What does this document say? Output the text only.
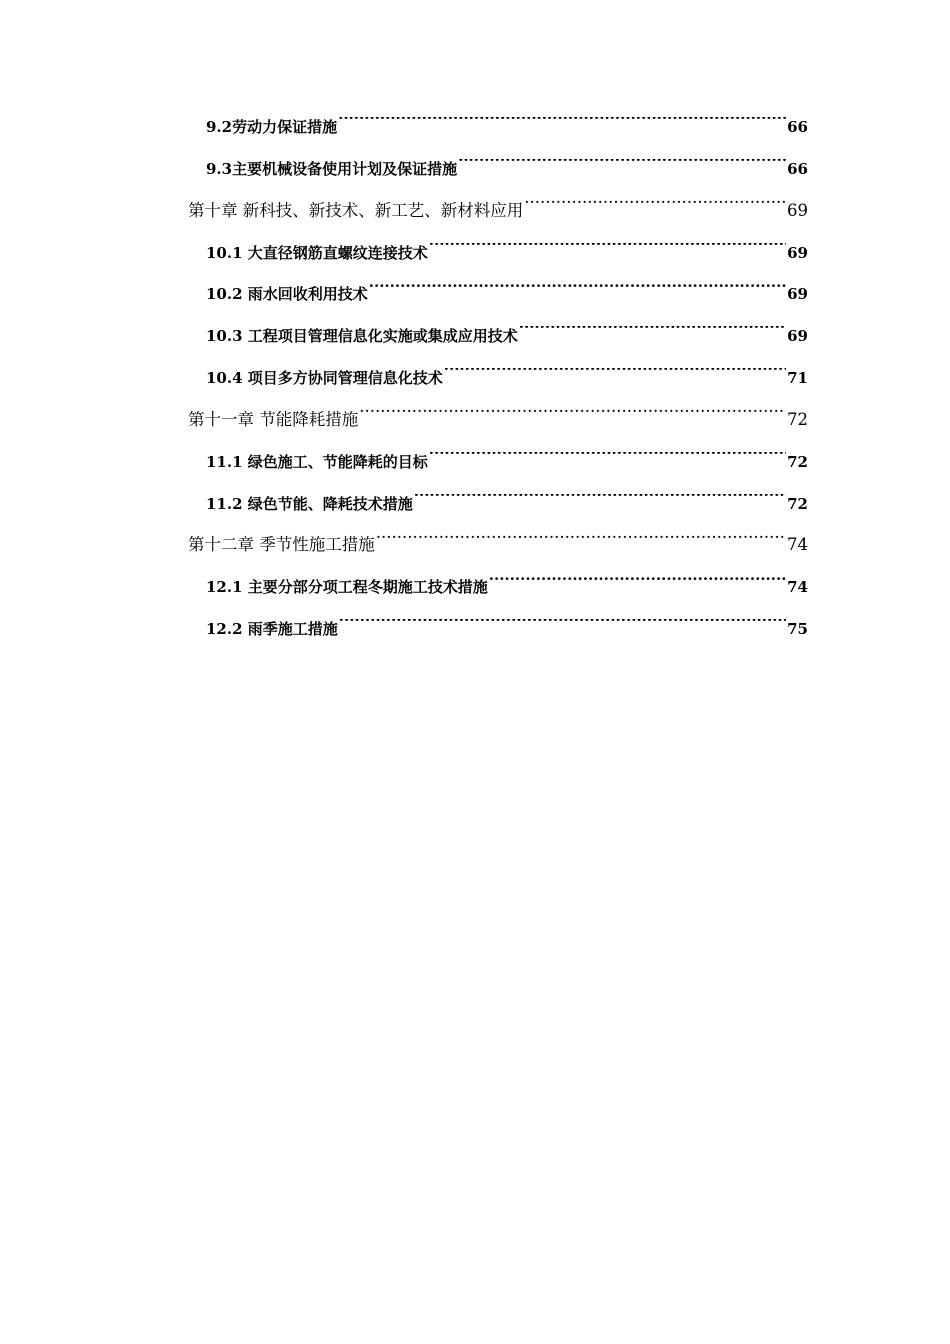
9.2劳动力保证措施 .....	66
9.3主要机械设备使用计划及保证措施 .....	66
第十章 新科技、新技术、新工艺、新材料应用 .....	69
10.1 大直径钢筋直螺纹连接技术 .....	69
10.2 雨水回收利用技术 .....	69
10.3 工程项目管理信息化实施或集成应用技术 .....	69
10.4 项目多方协同管理信息化技术 .....	71
第十一章 节能降耗措施 .....	72
11.1 绿色施工、节能降耗的目标 .....	72
11.2 绿色节能、降耗技术措施 .....	72
第十二章 季节性施工措施 .....	74
12.1 主要分部分项工程冬期施工技术措施 .....	74
12.2 雨季施工措施 .....	75
